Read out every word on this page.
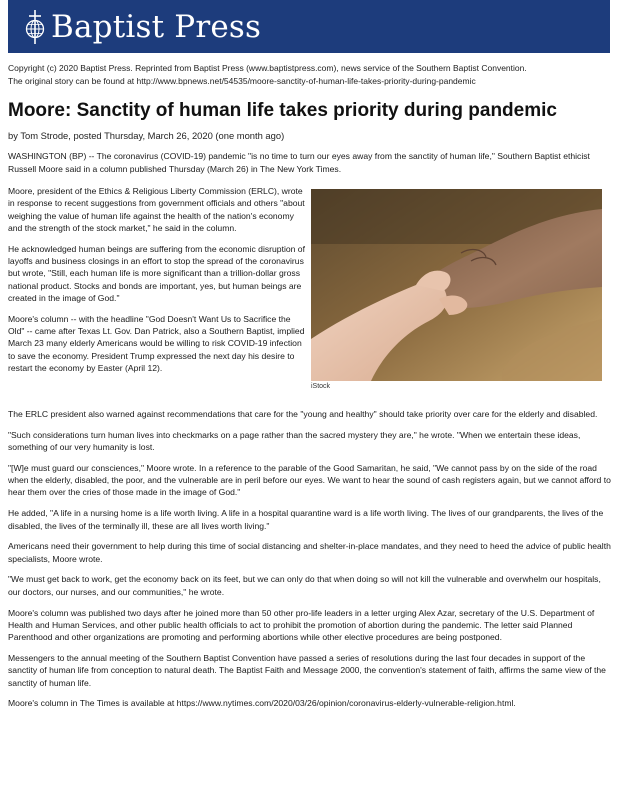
Baptist Press
Copyright (c) 2020 Baptist Press. Reprinted from Baptist Press (www.baptistpress.com), news service of the Southern Baptist Convention.
The original story can be found at http://www.bpnews.net/54535/moore-sanctity-of-human-life-takes-priority-during-pandemic
Moore: Sanctity of human life takes priority during pandemic
by Tom Strode, posted Thursday, March 26, 2020 (one month ago)
WASHINGTON (BP) -- The coronavirus (COVID-19) pandemic "is no time to turn our eyes away from the sanctity of human life," Southern Baptist ethicist Russell Moore said in a column published Thursday (March 26) in The New York Times.

Moore, president of the Ethics & Religious Liberty Commission (ERLC), wrote in response to recent suggestions from government officials and others "about weighing the value of human life against the health of the nation's economy and the strength of the stock market," he said in the column.

He acknowledged human beings are suffering from the economic disruption of layoffs and business closings in an effort to stop the spread of the coronavirus but wrote, "Still, each human life is more significant than a trillion-dollar gross national product. Stocks and bonds are important, yes, but human beings are created in the image of God."

Moore's column -- with the headline "God Doesn't Want Us to Sacrifice the Old" -- came after Texas Lt. Gov. Dan Patrick, also a Southern Baptist, implied March 23 many elderly Americans would be willing to risk COVID-19 infection to save the economy. President Trump expressed the next day his desire to restart the economy by Easter (April 12).

iStock

The ERLC president also warned against recommendations that care for the "young and healthy" should take priority over care for the elderly and disabled.

"Such considerations turn human lives into checkmarks on a page rather than the sacred mystery they are," he wrote. "When we entertain these ideas, something of our very humanity is lost.

"[W]e must guard our consciences," Moore wrote. In a reference to the parable of the Good Samaritan, he said, "We cannot pass by on the side of the road when the elderly, disabled, the poor, and the vulnerable are in peril before our eyes. We want to hear the sound of cash registers again, but we cannot afford to hear them over the cries of those made in the image of God."

He added, "A life in a nursing home is a life worth living. A life in a hospital quarantine ward is a life worth living. The lives of our grandparents, the lives of the disabled, the lives of the terminally ill, these are all lives worth living."

Americans need their government to help during this time of social distancing and shelter-in-place mandates, and they need to heed the advice of public health specialists, Moore wrote.

"We must get back to work, get the economy back on its feet, but we can only do that when doing so will not kill the vulnerable and overwhelm our hospitals, our doctors, our nurses, and our communities," he wrote.

Moore's column was published two days after he joined more than 50 other pro-life leaders in a letter urging Alex Azar, secretary of the U.S. Department of Health and Human Services, and other public health officials to act to prohibit the promotion of abortion during the pandemic. The letter said Planned Parenthood and other organizations are promoting and performing abortions while other elective procedures are being postponed.

Messengers to the annual meeting of the Southern Baptist Convention have passed a series of resolutions during the last four decades in support of the sanctity of human life from conception to natural death. The Baptist Faith and Message 2000, the convention's statement of faith, affirms the same view of the sanctity of human life.

Moore's column in The Times is available at https://www.nytimes.com/2020/03/26/opinion/coronavirus-elderly-vulnerable-religion.html.
